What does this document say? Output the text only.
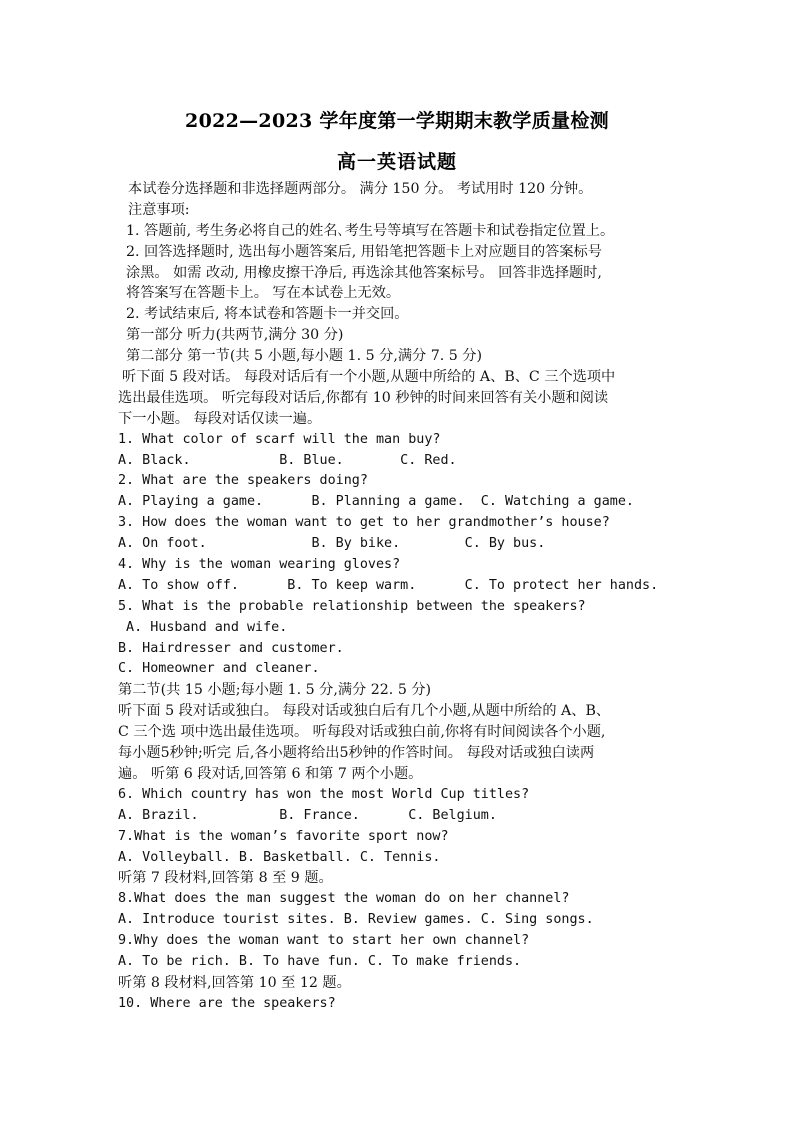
2022—2023 学年度第一学期期末教学质量检测
高一英语试题
本试卷分选择题和非选择题两部分。 满分 150 分。 考试用时 120 分钟。
注意事项:
1. 答题前, 考生务必将自己的姓名､考生号等填写在答题卡和试卷指定位置上。
2. 回答选择题时, 选出每小题答案后, 用铅笔把答题卡上对应题目的答案标号
涂黑。 如需 改动, 用橡皮擦干净后, 再选涂其他答案标号。 回答非选择题时,
将答案写在答题卡上。 写在本试卷上无效。
2. 考试结束后, 将本试卷和答题卡一并交回。
第一部分 听力(共两节,满分 30 分)
第二部分 第一节(共 5 小题,每小题 1. 5 分,满分 7. 5 分)
听下面 5 段对话。 每段对话后有一个小题,从题中所给的 A、B、C 三个选项中
选出最佳选项。 听完每段对话后,你都有 10 秒钟的时间来回答有关小题和阅读
下一小题。 每段对话仅读一遍。
1. What color of scarf will the man buy?
A. Black.           B. Blue.       C. Red.
2. What are the speakers doing?
A. Playing a game.      B. Planning a game.  C. Watching a game.
3. How does the woman want to get to her grandmother’s house?
A. On foot.             B. By bike.        C. By bus.
4. Why is the woman wearing gloves?
A. To show off.      B. To keep warm.      C. To protect her hands.
5. What is the probable relationship between the speakers?
A. Husband and wife.
B. Hairdresser and customer.
C. Homeowner and cleaner.
第二节(共 15 小题;每小题 1. 5 分,满分 22. 5 分)
听下面 5 段对话或独白。 每段对话或独白后有几个小题,从题中所给的 A、B、
C 三个选 项中选出最佳选项。 听每段对话或独白前,你将有时间阅读各个小题,
每小题5秒钟;听完 后,各小题将给出5秒钟的作答时间。 每段对话或独白读两
遍。 听第 6 段对话,回答第 6 和第 7 两个小题。
6. Which country has won the most World Cup titles?
A. Brazil.          B. France.      C. Belgium.
7.What is the woman’s favorite sport now?
A. Volleyball. B. Basketball. C. Tennis.
听第 7 段材料,回答第 8 至 9 题。
8.What does the man suggest the woman do on her channel?
A. Introduce tourist sites. B. Review games. C. Sing songs.
9.Why does the woman want to start her own channel?
A. To be rich. B. To have fun. C. To make friends.
听第 8 段材料,回答第 10 至 12 题。
10. Where are the speakers?
